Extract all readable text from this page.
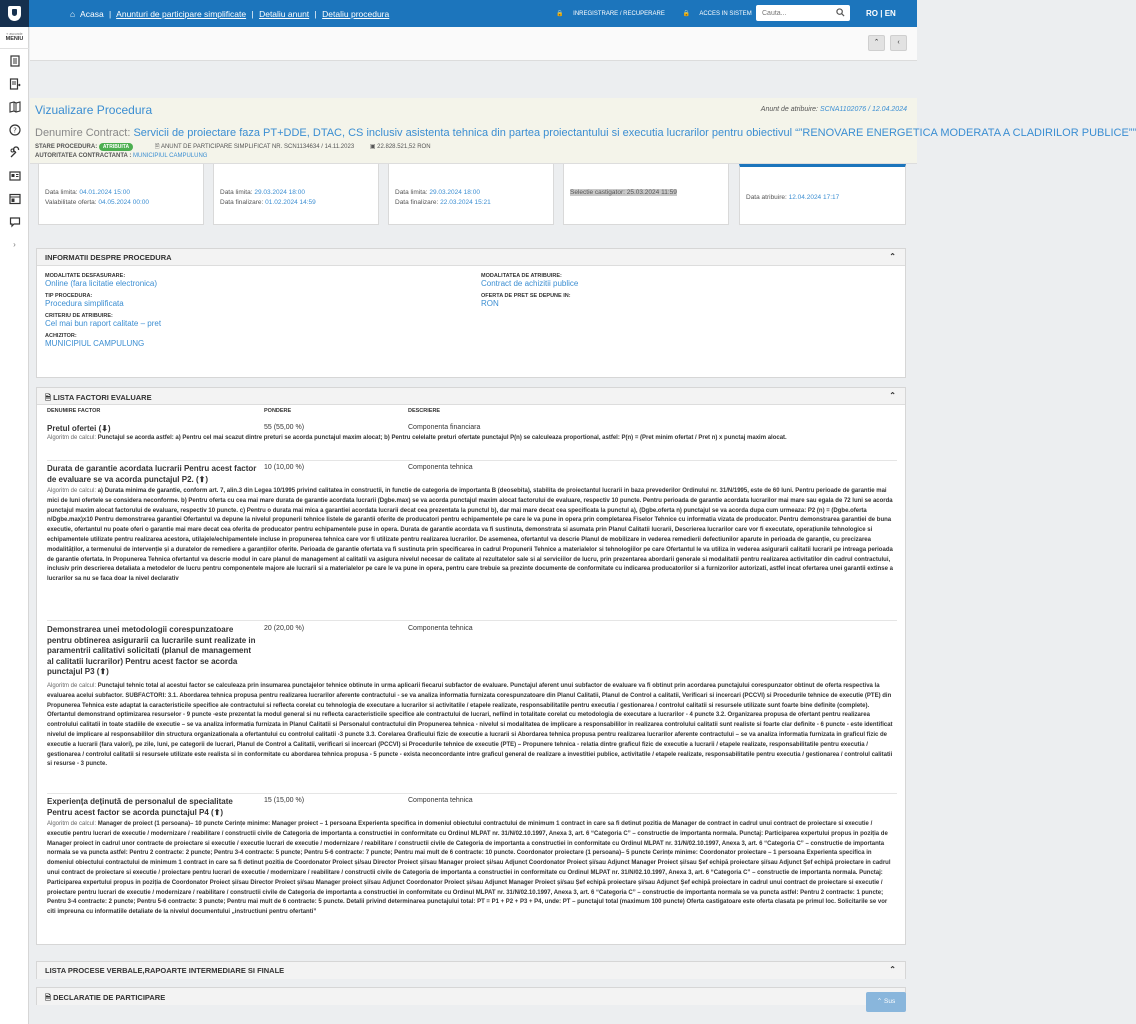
⌂ Acasa | Anunturi de participare simplificate | Detaliu anunt | Detaliu procedura	🔒 INREGISTRARE / RECUPERARE	🔒 ACCES IN SISTEM
Cauta...	RO | EN
« ascunde
MENIU
?
›
⌃	‹
Vizualizare Procedura	Anunt de atribuire: SCNA1102076 / 12.04.2024
Denumire Contract: Servicii de proiectare faza PT+DDE, DTAC, CS inclusiv asistenta tehnica din partea proiectantului si executia lucrarilor pentru obiectivul “”RENOVARE ENERGETICA MODERATA A CLADIRILOR PUBLICE””
STARE PROCEDURA: ATRIBUITA	🗎 ANUNT DE PARTICIPARE SIMPLIFICAT NR. SCN1134634 / 14.11.2023	▣ 22.828.521,52 RON
AUTORITATEA CONTRACTANTA : MUNICIPIUL CAMPULUNG
Data limita: 04.01.2024 15:00
Valabilitate oferta: 04.05.2024 00:00
Data limita: 29.03.2024 18:00
Data finalizare: 01.02.2024 14:59
Data limita: 29.03.2024 18:00
Data finalizare: 22.03.2024 15:21
Selectie castigator: 25.03.2024 11:59
Data atribuire: 12.04.2024 17:17
INFORMATII DESPRE PROCEDURA	⌃
MODALITATE DESFASURARE:
Online (fara licitatie electronica)
TIP PROCEDURA:
Procedura simplificata
CRITERIU DE ATRIBUIRE:
Cel mai bun raport calitate – pret
ACHIZITOR:
MUNICIPIUL CAMPULUNG
MODALITATEA DE ATRIBUIRE:
Contract de achizitii publice
OFERTA DE PRET SE DEPUNE IN:
RON
🗎 LISTA FACTORI EVALUARE	⌃
DENUMIRE FACTOR	PONDERE	DESCRIERE
Pretul ofertei (⬇)	55 (55,00 %)	Componenta financiara
Algoritm de calcul: Punctajul se acorda astfel: a) Pentru cel mai scazut dintre preturi se acorda punctajul maxim alocat; b) Pentru celelalte preturi ofertate punctajul P(n) se calculeaza proportional, astfel: P(n) = (Pret minim ofertat / Pret n) x punctaj maxim alocat.
Durata de garantie acordata lucrarii Pentru acest factor de evaluare se va acorda punctajul P2. (⬆)
10 (10,00 %)	Componenta tehnica
Algoritm de calcul: a) Durata minima de garantie, conform art. 7, alin.3 din Legea 10/1995 privind calitatea in constructii, in functie de categoria de importanta B (deosebita), stabilita de proiectantul lucrarii in baza prevederilor Ordinului nr. 31/N/1995, este de 60 luni. Pentru perioade de garantie mai mici de luni ofertele se considera neconforme. b) Pentru oferta cu cea mai mare durata de garantie acordata lucrarii (Dgbe.max) se va acorda punctajul maxim alocat factorului de evaluare, respectiv 10 puncte. Pentru perioada de garantie acordata lucrarilor mai mare sau egala de 72 luni se acorda punctajul maxim alocat factorului de evaluare, respectiv 10 puncte. c) Pentru o durata mai mica a garantiei acordata lucrarii decat cea prezentata la punctul b), dar mai mare decat cea specificata la punctul a), (Dgbe.oferta n) punctajul se va acorda dupa cum urmeaza: P2 (n) = (Dgbe.oferta n/Dgbe.max)x10 Pentru demonstrarea garantiei Ofertantul va depune la nivelul propunerii tehnice listele de garantii oferite de producatori pentru echipamentele pe care le va pune in opera prin completarea Fiselor Tehnice cu informatia vizata de producator. Pentru demonstrarea garantiei de buna executie, ofertantul nu poate oferi o garantie mai mare decat cea oferita de producator pentru echipamentele puse in opera. Durata de garantie acordata va fi sustinuta, demonstrata si asumata prin Planul Calitatii lucrarii, Descrierea lucrarilor care vor fi executate, operațiunile tehnologice si echipamentele utilizate pentru realizarea acestora, utilajele/echipamentele incluse in propunerea tehnica care vor fi utilizate pentru realizarea lucrarilor. De asemenea, ofertantul va descrie Planul de mobilizare in vederea remedierii defectiunilor aparute in perioada de garanție, cu precizarea modalităților, a termenului de intervenție și a duratelor de remediere a garanțiilor oferite. Perioada de garantie ofertata va fi sustinuta prin specificarea in cadrul Propunerii Tehnice a materialelor si tehnologiilor pe care Ofertantul le va utiliza in vederea asigurarii calitatii lucrarii pe intreaga perioada de garantie ofertata. In Propunerea Tehnica ofertantul va descrie modul in care planul de management al calitatii va asigura nivelul necesar de calitate al rezultatelor sale si al serviciilor de lucru, prin prezentarea abordarii generale si modalitatii pentru realizarea activitatilor din cadrul contractului, inclusiv prin descrierea detaliata a metodelor de lucru pentru componentele majore ale lucrarii si a materialelor pe care le va pune in opera, pentru care trebuie sa prezinte documente de conformitate cu indicarea producatorilor si a furnizorilor autorizati, astfel incat ofertarea unei garantii extinse a lucrarilor sa nu se faca doar la nivel declarativ
Demonstrarea unei metodologii corespunzatoare pentru obtinerea asigurarii ca lucrarile sunt realizate in paramentrii calitativi solicitati (planul de management al calitatii lucrarilor) Pentru acest factor se acorda punctajul P3 (⬆)
20 (20,00 %)	Componenta tehnica
Algoritm de calcul: Punctajul tehnic total al acestui factor se calculeaza prin insumarea punctajelor tehnice obtinute in urma aplicarii fiecarui subfactor de evaluare. Punctajul aferent unui subfactor de evaluare va fi obtinut prin acordarea punctajului corespunzator obtinut de oferta respectiva la evaluarea acelui subfactor. SUBFACTORI: 3.1. Abordarea tehnica propusa pentru realizarea lucrarilor aferente contractului - se va analiza informatia furnizata corespunzatoare din Planul Calitatii, Planul de Control a calitatii, Verificari si incercari (PCCVI) si Procedurile tehnice de executie (PTE) din Propunerea Tehnica este adaptat la caracteristicile specifice ale contractului si reflecta corelat cu tehnologia de executare a lucrarilor si activitatile / etapele realizate, responsabilitatile pentru executia / gestionarea / controlul calitatii si resursele utilizate sunt foarte bine definite (complete). Ofertantul demonstrand optimizarea resurselor - 9 puncte -este prezentat la modul general si nu reflecta caracteristicile specifice ale contractului de lucrari, nefiind in totalitate corelat cu metodologia de executare a lucrarilor - 4 puncte 3.2. Organizarea propusa de ofertant pentru realizarea controlului calitatii in toate stadiile de executie – se va analiza informatia furnizata in Planul Calitatii si Personalul contractului din Propunerea tehnica - nivelul si modalitatea de implicare a responsabililor in realizarea controlului calitatii sunt realiste si foarte clar definite - 6 puncte - este identificat nivelul de implicare al responsabililor din structura organizationala a ofertantului cu controlul calitatii -3 puncte 3.3. Corelarea Graficului fizic de executie a lucrarii si Abordarea tehnica propusa pentru realizarea lucrarilor aferente contractului – se va analiza informatia furnizata in graficul fizic de executie a lucrarii (fara valori), pe zile, luni, pe categorii de lucrari, Planul de Control a Calitatii, verificari si incercari (PCCVI) si Procedurile tehnice de executie (PTE) – Propunere tehnica - relatia dintre graficul fizic de executie a lucrarii / etapele realizate, responsabilitatile pentru executia / gestionarea / controlul calitatii si resursele utilizate este realista si in conformitate cu abordarea tehnica propusa - 5 puncte - exista neconcordante intre graficul general de realizare a investitiei publice, activitatile / etapele realizate, responsabilitatile pentru executia / gestionarea / controlul calitatii si resurse - 3 puncte.
Experiența deținută de personalul de specialitate Pentru acest factor se acorda punctajul P4 (⬆)
15 (15,00 %)	Componenta tehnica
Algoritm de calcul: Manager de proiect (1 persoana)– 10 puncte Cerințe minime: Manager proiect – 1 persoana Experienta specifica in domeniul obiectului contractului de minimum 1 contract in care sa fi detinut pozitia de Manager de contract in cadrul unui contract de proiectare si executie / executie pentru lucrari de executie / modernizare / reabilitare / constructii civile de Categoria de importanta a constructiei in conformitate cu Ordinul MLPAT nr. 31/N/02.10.1997, Anexa 3, art. 6 “Categoria C” – constructie de importanta normala. Punctaj: Participarea expertului propus in poziția de Manager proiect in cadrul unor contracte de proiectare si executie / executie lucrari de executie / modernizare / reabilitare / constructii civile de Categoria de importanta a constructiei in conformitate cu Ordinul MLPAT nr. 31/N/02.10.1997, Anexa 3, art. 6 “Categoria C” – constructie de importanta normala se va puncta astfel: Pentru 2 contracte: 2 puncte; Pentru 3-4 contracte: 5 puncte; Pentru 5-6 contracte: 7 puncte; Pentru mai mult de 6 contracte: 10 puncte. Coordonator proiectare (1 persoana)– 5 puncte Cerințe minime: Coordonator proiectare – 1 persoana Experienta specifica in domeniul obiectului contractului de minimum 1 contract in care sa fi detinut pozitia de Coordonator Proiect și/sau Director Proiect și/sau Manager proiect și/sau Adjunct Coordonator Proiect și/sau Adjunct Manager Proiect și/sau Șef echipă proiectare și/sau Adjunct Șef echipă proiectare in cadrul unui contract de proiectare si executie / proiectare pentru lucrari de executie / modernizare / reabilitare / constructii civile de Categoria de importanta a constructiei in conformitate cu Ordinul MLPAT nr. 31/N/02.10.1997, Anexa 3, art. 6 “Categoria C” – constructie de importanta normala. Punctaj: Participarea expertului propus in poziția de Coordonator Proiect și/sau Director Proiect și/sau Manager proiect și/sau Adjunct Coordonator Proiect și/sau Adjunct Manager Proiect și/sau Șef echipă proiectare și/sau Adjunct Șef echipă proiectare in cadrul unui contract de proiectare si executie / proiectare pentru lucrari de executie / modernizare / reabilitare / constructii civile de Categoria de importanta a constructiei in conformitate cu Ordinul MLPAT nr. 31/N/02.10.1997, Anexa 3, art. 6 “Categoria C” – constructie de importanta normala se va puncta astfel: Pentru 2 contracte: 1 puncte; Pentru 3-4 contracte: 2 puncte; Pentru 5-6 contracte: 3 puncte; Pentru mai mult de 6 contracte: 5 puncte. Detalii privind determinarea punctajului total: PT = P1 + P2 + P3 + P4, unde: PT – punctajul total (maximum 100 puncte) Oferta castigatoare este oferta clasata pe primul loc. Solicitarile se vor citi impreuna cu informatiile detaliate de la nivelul documentului „instructiuni pentru ofertanti”
LISTA PROCESE VERBALE,RAPOARTE INTERMEDIARE SI FINALE	⌃
🗎 DECLARATIE DE PARTICIPARE	⌃ Sus
